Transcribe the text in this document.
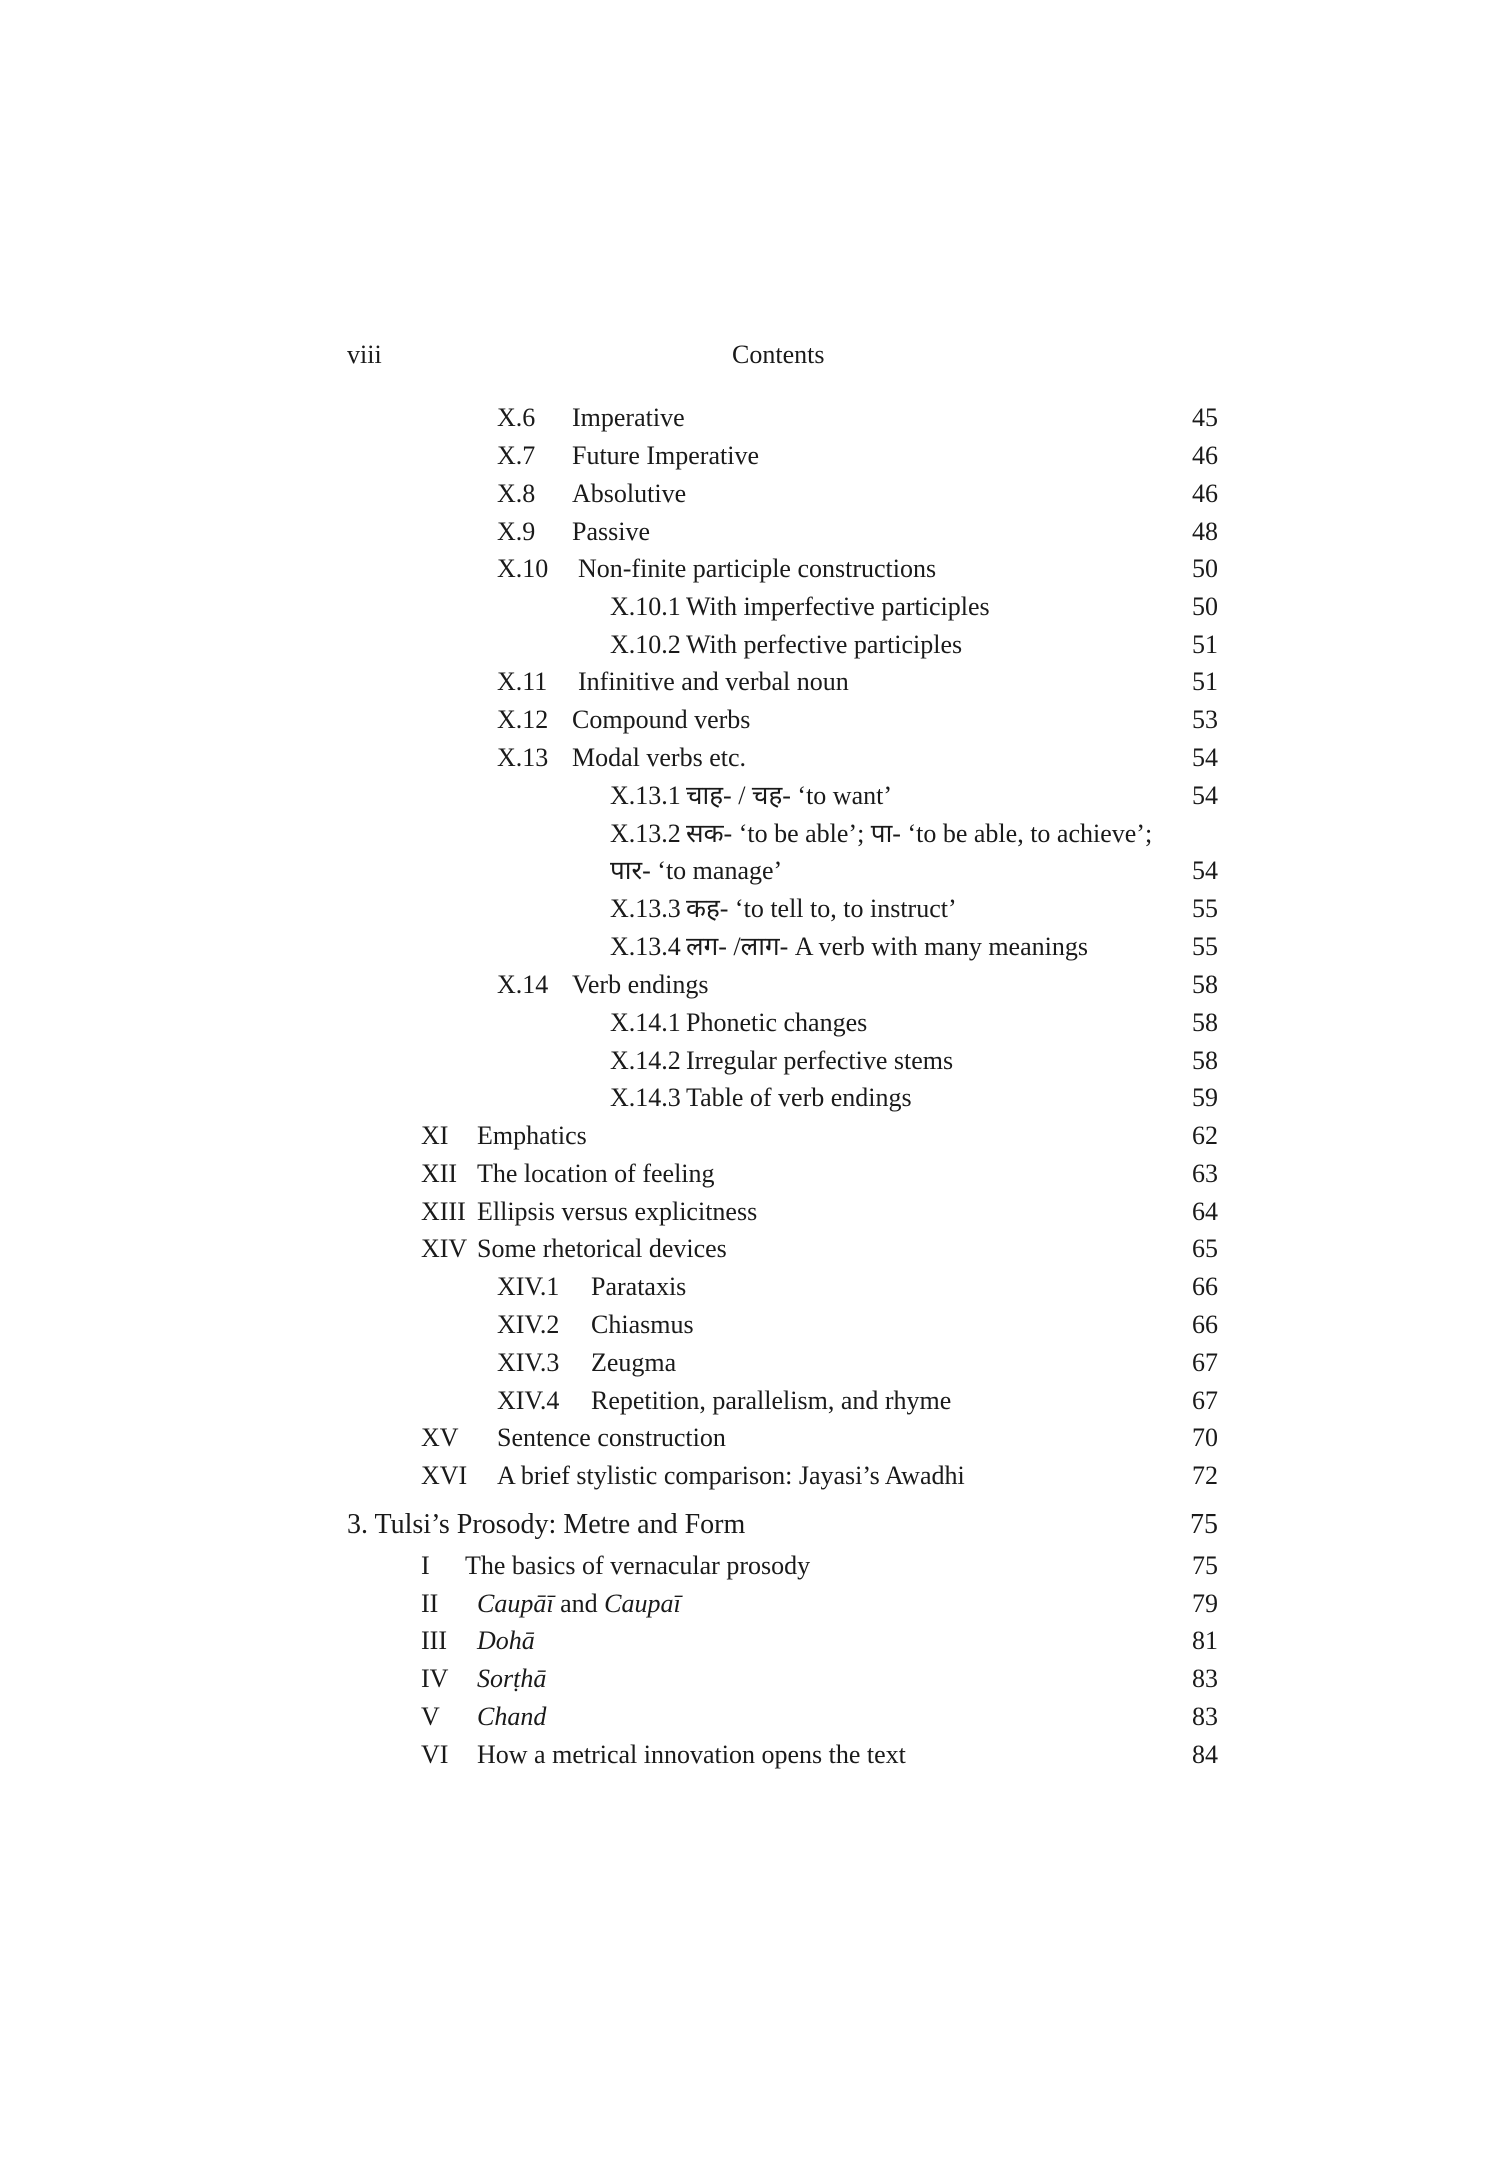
viii	Contents
X.6 Imperative	45
X.7 Future Imperative	46
X.8 Absolutive	46
X.9 Passive	48
X.10 Non-finite participle constructions	50
X.10.1 With imperfective participles	50
X.10.2 With perfective participles	51
X.11 Infinitive and verbal noun	51
X.12 Compound verbs	53
X.13 Modal verbs etc.	54
X.13.1 चाह- / चह- ‘to want’	54
X.13.2 सक- ‘to be able’; पा- ‘to be able, to achieve’;
पार- ‘to manage’	54
X.13.3 कह- ‘to tell to, to instruct’	55
X.13.4 लग- /लाग- A verb with many meanings	55
X.14 Verb endings	58
X.14.1 Phonetic changes	58
X.14.2 Irregular perfective stems	58
X.14.3 Table of verb endings	59
XI Emphatics	62
XII The location of feeling	63
XIII Ellipsis versus explicitness	64
XIV Some rhetorical devices	65
XIV.1 Parataxis	66
XIV.2 Chiasmus	66
XIV.3 Zeugma	67
XIV.4 Repetition, parallelism, and rhyme	67
XV Sentence construction	70
XVI A brief stylistic comparison: Jayasi’s Awadhi	72
3. Tulsi’s Prosody: Metre and Form	75
I The basics of vernacular prosody	75
II Caupāī and Caupaī	79
III Dohā	81
IV Sorṭhā	83
V Chand	83
VI How a metrical innovation opens the text	84
